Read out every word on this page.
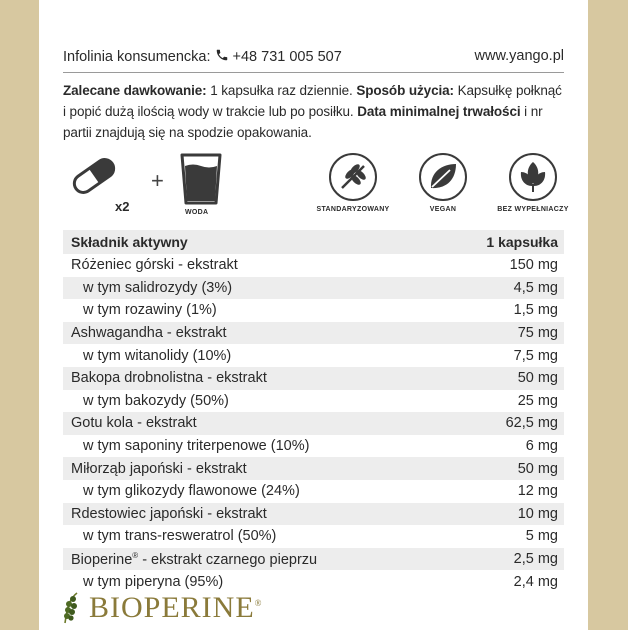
Infolinia konsumencka: +48 731 005 507	www.yango.pl
Zalecane dawkowanie: 1 kapsułka raz dziennie. Sposób użycia: Kapsułkę połknąć i popić dużą ilością wody w trakcie lub po posiłku. Data minimalnej trwałości i nr partii znajdują się na spodzie opakowania.
x2
+
WODA	STANDARYZOWANY	VEGAN	BEZ WYPEŁNIACZY
Składnik aktywny	1 kapsułka
Różeniec górski - ekstrakt	150 mg
w tym salidrozydy (3%)	4,5 mg
w tym rozawiny (1%)	1,5 mg
Ashwagandha - ekstrakt	75 mg
w tym witanolidy (10%)	7,5 mg
Bakopa drobnolistna - ekstrakt	50 mg
w tym bakozydy (50%)	25 mg
Gotu kola - ekstrakt	62,5 mg
w tym saponiny triterpenowe (10%)	6 mg
Miłorząb japoński - ekstrakt	50 mg
w tym glikozydy flawonowe (24%)	12 mg
Rdestowiec japoński - ekstrakt	10 mg
w tym trans-resweratrol (50%)	5 mg
Bioperine® - ekstrakt czarnego pieprzu	2,5 mg
w tym piperyna (95%)	2,4 mg
BIOPERINE®
